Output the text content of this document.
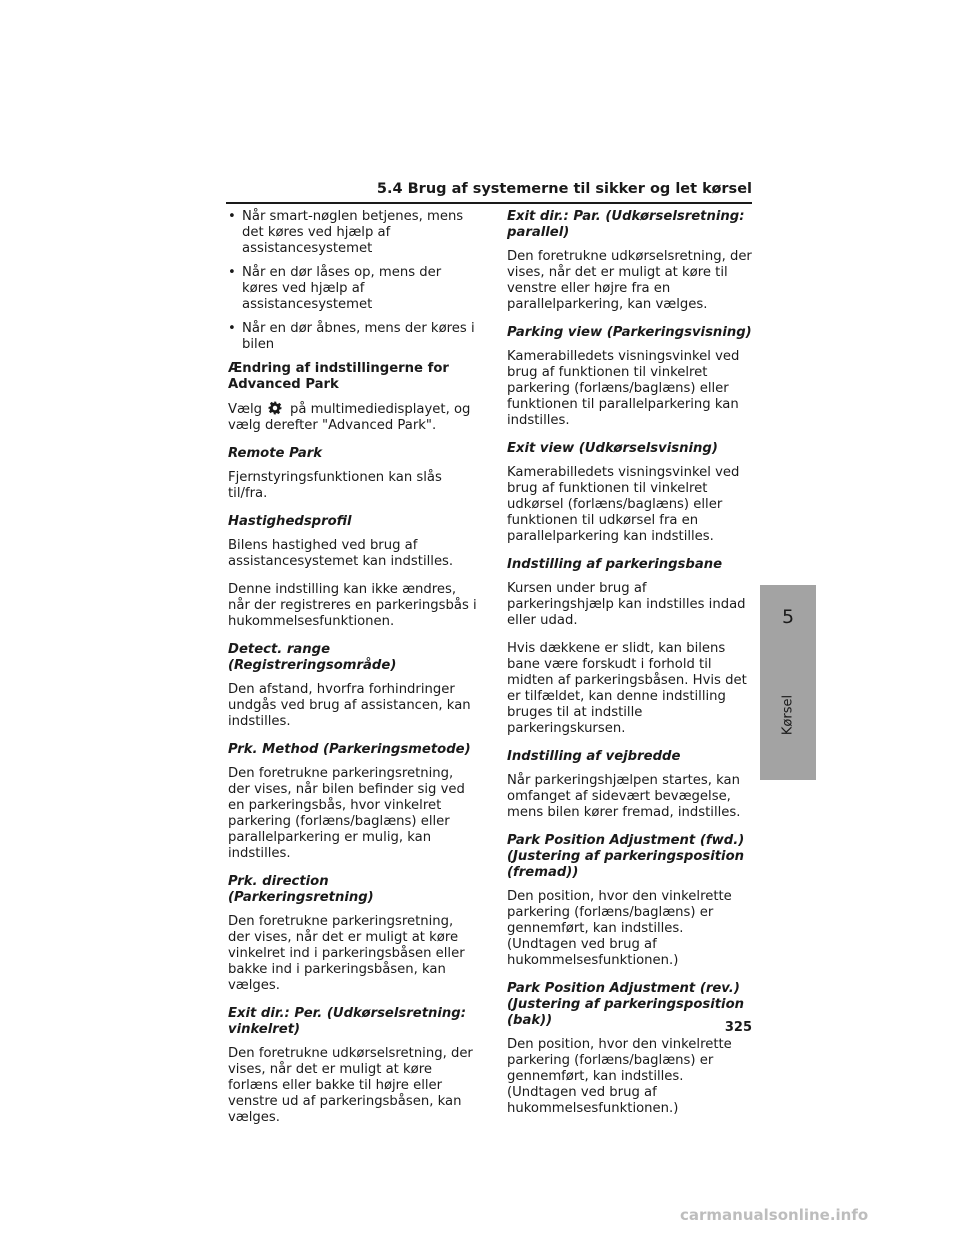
5.4 Brug af systemerne til sikker og let kørsel
• Når smart-nøglen betjenes, mens det køres ved hjælp af assistancesystemet
• Når en dør låses op, mens der køres ved hjælp af assistancesystemet
• Når en dør åbnes, mens der køres i bilen

Ændring af indstillingerne for Advanced Park

Vælg på multimediedisplayet, og vælg derefter "Advanced Park".

Remote Park

Fjernstyringsfunktionen kan slås til/fra.

Hastighedsprofil

Bilens hastighed ved brug af assistancesystemet kan indstilles.

Denne indstilling kan ikke ændres, når der registreres en parkeringsbås i hukommelsesfunktionen.

Detect. range (Registreringsområde)

Den afstand, hvorfra forhindringer undgås ved brug af assistancen, kan indstilles.

Prk. Method (Parkeringsmetode)

Den foretrukne parkeringsretning, der vises, når bilen befinder sig ved en parkeringsbås, hvor vinkelret parkering (forlæns/baglæns) eller parallelparkering er mulig, kan indstilles.

Prk. direction (Parkeringsretning)

Den foretrukne parkeringsretning, der vises, når det er muligt at køre vinkelret ind i parkeringsbåsen eller bakke ind i parkeringsbåsen, kan vælges.

Exit dir.: Per. (Udkørselsretning: vinkelret)

Den foretrukne udkørselsretning, der vises, når det er muligt at køre forlæns eller bakke til højre eller venstre ud af parkeringsbåsen, kan vælges.

Exit dir.: Par. (Udkørselsretning: parallel)

Den foretrukne udkørselsretning, der vises, når det er muligt at køre til venstre eller højre fra en parallelparkering, kan vælges.

Parking view (Parkeringsvisning)

Kamerabilledets visningsvinkel ved brug af funktionen til vinkelret parkering (forlæns/baglæns) eller funktionen til parallelparkering kan indstilles.

Exit view (Udkørselsvisning)

Kamerabilledets visningsvinkel ved brug af funktionen til vinkelret udkørsel (forlæns/baglæns) eller funktionen til udkørsel fra en parallelparkering kan indstilles.

Indstilling af parkeringsbane

Kursen under brug af parkeringshjælp kan indstilles indad eller udad.

Hvis dækkene er slidt, kan bilens bane være forskudt i forhold til midten af parkeringsbåsen. Hvis det er tilfældet, kan denne indstilling bruges til at indstille parkeringskursen.

Indstilling af vejbredde

Når parkeringshjælpen startes, kan omfanget af sidevært bevægelse, mens bilen kører fremad, indstilles.

Park Position Adjustment (fwd.) (Justering af parkeringsposition (fremad))

Den position, hvor den vinkelrette parkering (forlæns/baglæns) er gennemført, kan indstilles. (Undtagen ved brug af hukommelsesfunktionen.)

Park Position Adjustment (rev.) (Justering af parkeringsposition (bak))

Den position, hvor den vinkelrette parkering (forlæns/baglæns) er gennemført, kan indstilles. (Undtagen ved brug af hukommelsesfunktionen.)

5
Kørsel
325
carmanualsonline.info
